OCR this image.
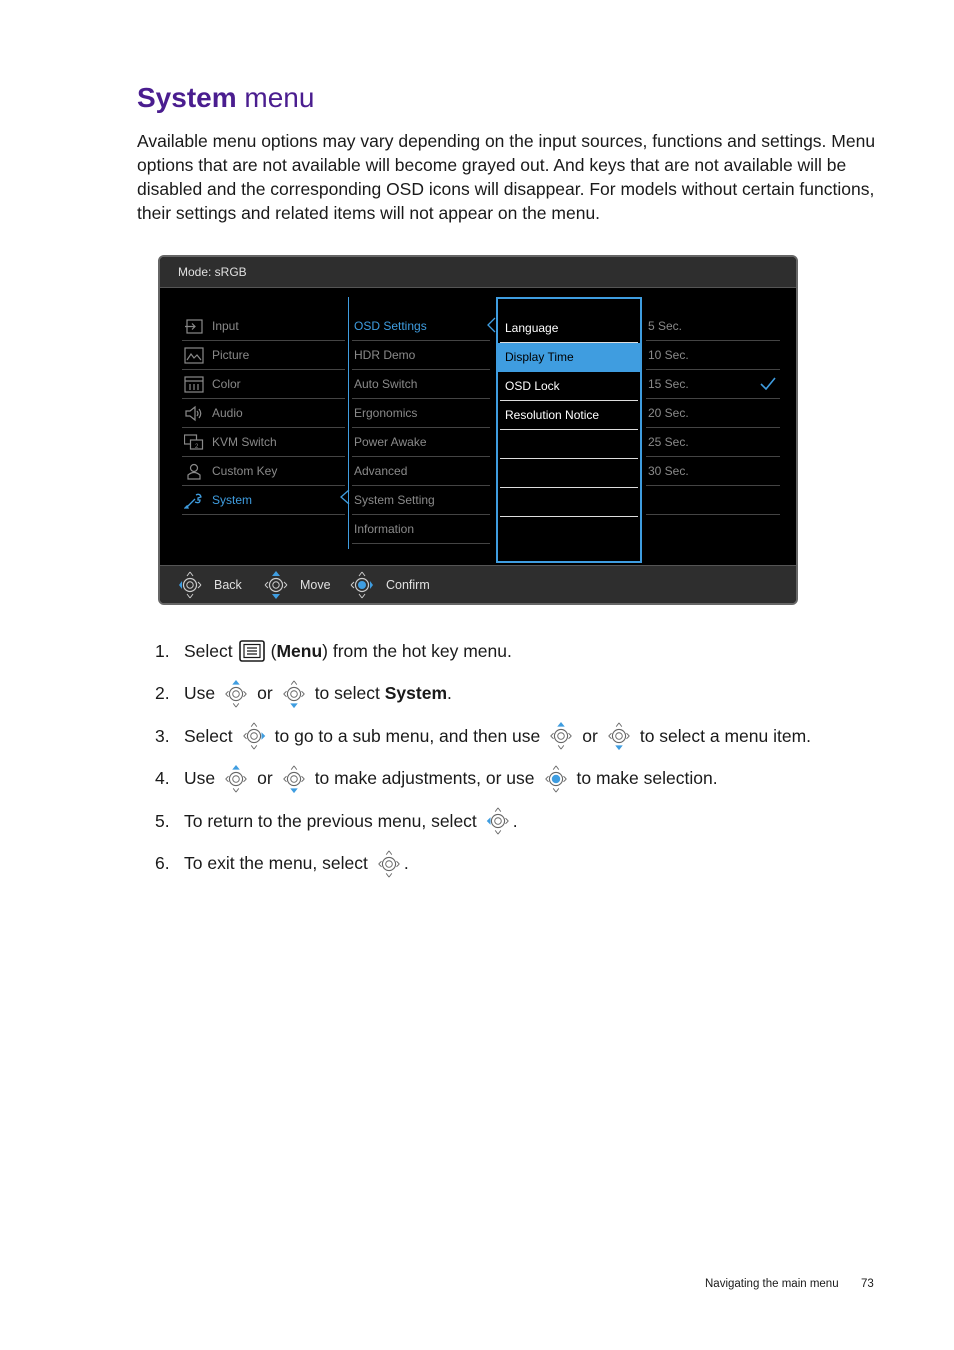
System menu

Available menu options may vary depending on the input sources, functions and settings. Menu options that are not available will become grayed out. And keys that are not available will be disabled and the corresponding OSD icons will disappear. For models without certain functions, their settings and related items will not appear on the menu.

Mode: sRGB
Input
Picture
Color
Audio
2 KVM Switch
Custom Key
System
OSD Settings
HDR Demo
Auto Switch
Ergonomics
Power Awake
Advanced
System Setting
Information
Language
Display Time
OSD Lock
Resolution Notice
5 Sec.
10 Sec.
15 Sec.
20 Sec.
25 Sec.
30 Sec.
Back	Move	Confirm
1. Select ( Menu ) from the hot key menu.
2. Use or to select
System .
3. Select to go to a sub menu, and then use or to select a menu item.
4. Use or to make adjustments, or use to make selection.
5. To return to the previous menu, select .
6. To exit the menu, select .
Navigating the main menu 73
